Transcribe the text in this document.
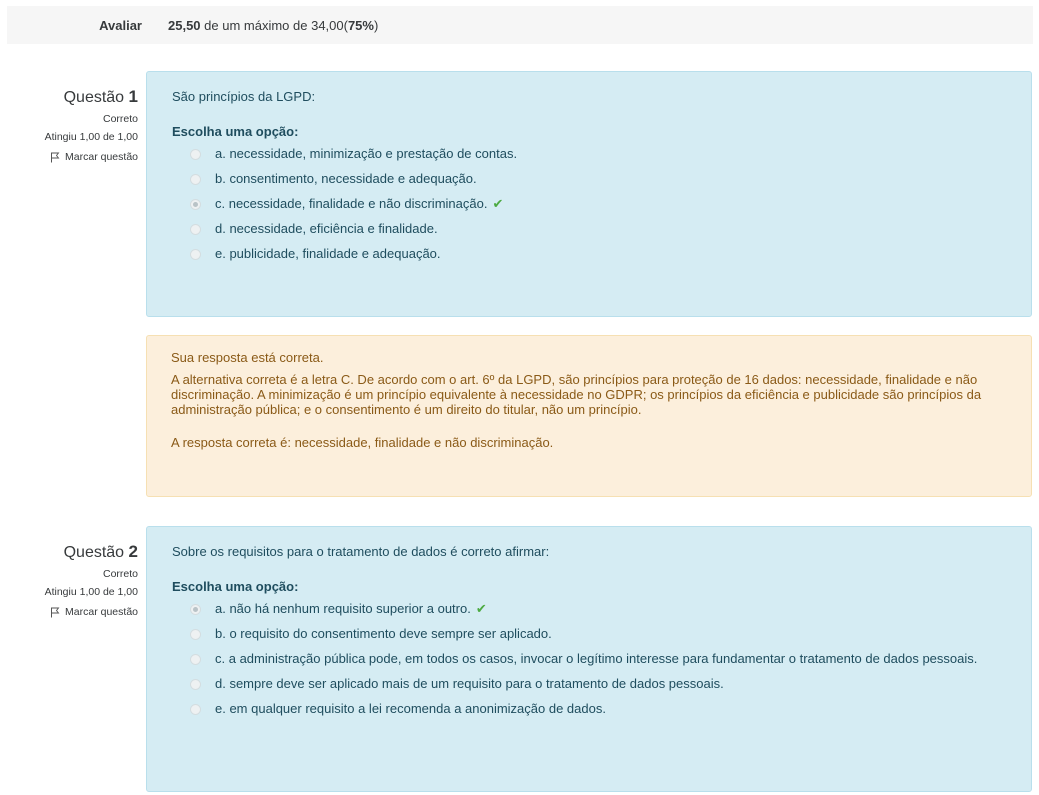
Avaliar 25,50 de um máximo de 34,00(75%)
Questão 1
Correto
Atingiu 1,00 de 1,00
Marcar questão
São princípios da LGPD:
Escolha uma opção:
a. necessidade, minimização e prestação de contas.
b. consentimento, necessidade e adequação.
c. necessidade, finalidade e não discriminação. ✔
d. necessidade, eficiência e finalidade.
e. publicidade, finalidade e adequação.

Sua resposta está correta.

A alternativa correta é a letra C. De acordo com o art. 6º da LGPD, são princípios para proteção de 16 dados: necessidade, finalidade e não discriminação. A minimização é um princípio equivalente à necessidade no GDPR; os princípios da eficiência e publicidade são princípios da administração pública; e o consentimento é um direito do titular, não um princípio.

A resposta correta é: necessidade, finalidade e não discriminação.

Questão 2
Correto
Atingiu 1,00 de 1,00
Marcar questão
Sobre os requisitos para o tratamento de dados é correto afirmar:
Escolha uma opção:
a. não há nenhum requisito superior a outro. ✔
b. o requisito do consentimento deve sempre ser aplicado.
c. a administração pública pode, em todos os casos, invocar o legítimo interesse para fundamentar o tratamento de dados pessoais.
d. sempre deve ser aplicado mais de um requisito para o tratamento de dados pessoais.
e. em qualquer requisito a lei recomenda a anonimização de dados.
